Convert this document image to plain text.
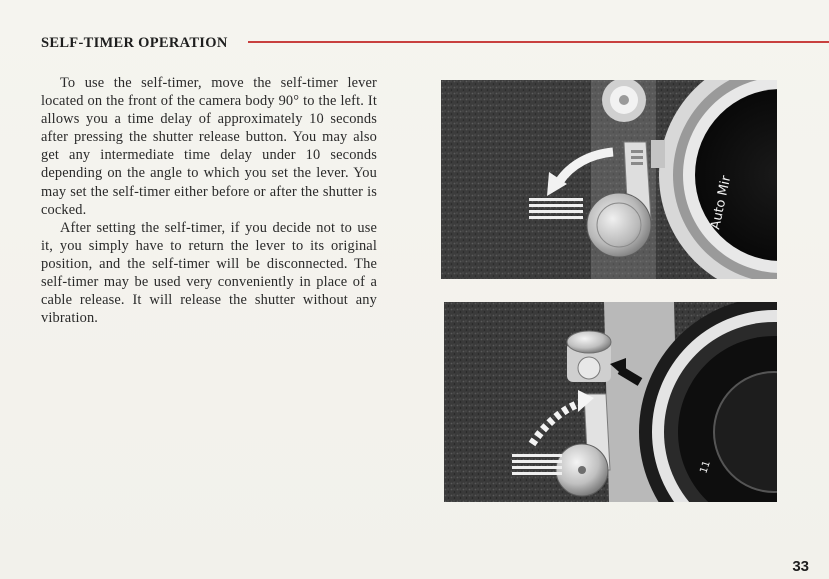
SELF-TIMER OPERATION

To use the self-timer, move the self-timer lever located on the front of the camera body 90° to the left. It allows you a time delay of approximately 10 seconds after pressing the shutter release button. You may also get any intermediate time delay under 10 seconds depending on the angle to which you set the lever. You may set the self-timer either before or after the shutter is cocked.

After setting the self-timer, if you decide not to use it, you simply have to return the lever to its original position, and the self-timer will be disconnected. The self-timer may be used very conveniently in place of a cable release. It will release the shutter without any vibration.

Auto Mir
11
33
